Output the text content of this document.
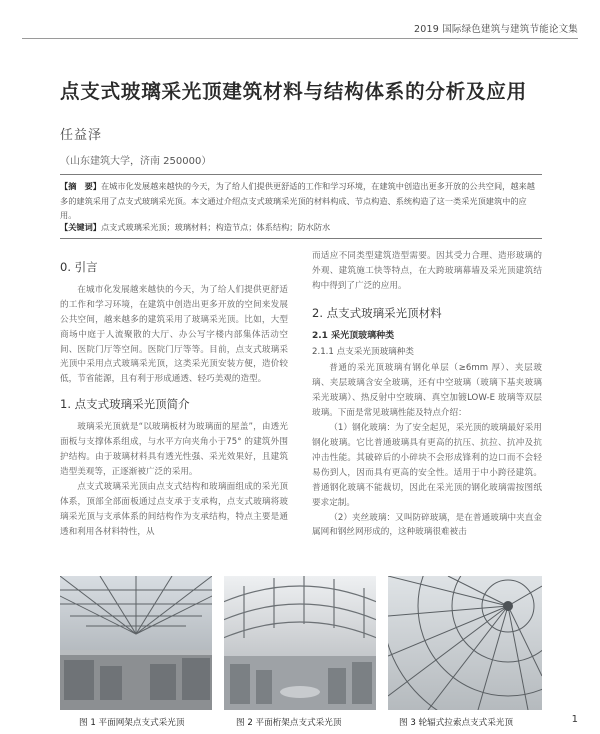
2019 国际绿色建筑与建筑节能论文集
点支式玻璃采光顶建筑材料与结构体系的分析及应用
任益泽
（山东建筑大学，济南 250000）
【摘　要】在城市化发展越来越快的今天，为了给人们提供更舒适的工作和学习环境，在建筑中创造出更多开放的公共空间，越来越多的建筑采用了点支式玻璃采光顶。本文通过介绍点支式玻璃采光顶的材料构成、节点构造、系统构造了这一类采光顶建筑中的应用。
【关键词】点支式玻璃采光顶；玻璃材料；构造节点；体系结构；防水防水
0. 引言

在城市化发展越来越快的今天，为了给人们提供更舒适的工作和学习环境，在建筑中创造出更多开放的空间来发展公共空间，越来越多的建筑采用了玻璃采光顶。比如，大型商场中庭于人流聚散的大厅、办公写字楼内部集体活动空间、医院门厅等空间。医院门厅等等。目前，点支式玻璃采光顶中采用点式玻璃采光顶，这类采光顶安装方便，造价较低，节省能源，且有利于形成通透、轻巧美观的造型。

1. 点支式玻璃采光顶简介

玻璃采光顶就是“以玻璃板材为玻璃面的屋盖”，由透光面板与支撑体系组成，与水平方向夹角小于75° 的建筑外围护结构。由于玻璃材料具有透光性强、采光效果好，且建筑造型美观等，正逐渐被广泛的采用。

点支式玻璃采光顶由点支式结构和玻璃面组成的采光顶体系，顶部全部面板通过点支承于支承构，点支式玻璃将玻璃采光顶与支承体系的间结构作为支承结构，特点主要是通透和利用各材料特性，从

而适应不同类型建筑造型需要。因其受力合理、造形玻璃的外观、建筑施工快等特点，在大跨玻璃幕墙及采光顶建筑结构中得到了广泛的应用。

2. 点支式玻璃采光顶材料
2.1 采光顶玻璃种类
2.1.1 点支采光顶玻璃种类

普通的采光顶玻璃有钢化单层（≥6mm 厚）、夹层玻璃、夹层玻璃含安全玻璃，还有中空玻璃（玻璃下基夹玻璃采光玻璃）、热反射中空玻璃、真空加镀LOW-E 玻璃等双层玻璃。下面是常见玻璃性能及特点介绍：

（1）钢化玻璃：为了安全起见，采光顶的玻璃最好采用钢化玻璃。它比普通玻璃具有更高的抗压、抗拉、抗冲及抗冲击性能。其破碎后的小碎块不会形成锋利的边口而不会轻易伤到人，因而具有更高的安全性。适用于中小跨径建筑。普通钢化玻璃不能裁切，因此在采光顶的钢化玻璃需按图纸要求定制。

（2）夹丝玻璃：又叫防碎玻璃，是在普通玻璃中夹直金属网和钢丝网形成的，这种玻璃很难被击

图 1 平面网架点支式采光顶	图 2 平面桁架点支式采光顶	图 3 轮辐式拉索点支式采光顶	1
